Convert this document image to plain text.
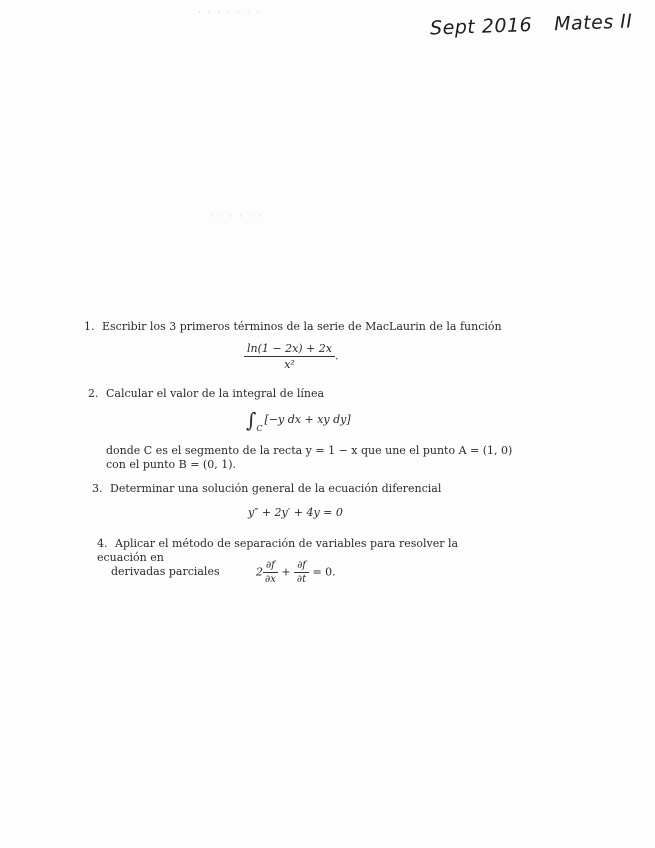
· · · · · · ·
· · · · · ·
Sept 2016 Mates II
1. Escribir los 3 primeros términos de la serie de MacLaurin de la función
$\frac{\ln(1 - 2x) + 2x}{\text{x²}}$ .
2. Calcular el valor de la integral de línea
$\int_C[-y$ dx + xy dy]
donde C es el segmento de la recta y = 1 − x que une el punto A = (1, 0)
con el punto B = (0, 1).
3. Determinar una solución general de la ecuación diferencial
y″ + 2y′ + 4y = 0
4. Aplicar el método de separación de variables para resolver la ecuación en
derivadas parciales	$2 \frac{\partial f}{\partial x} + \frac{\partial f}{\partial t} = 0$.
